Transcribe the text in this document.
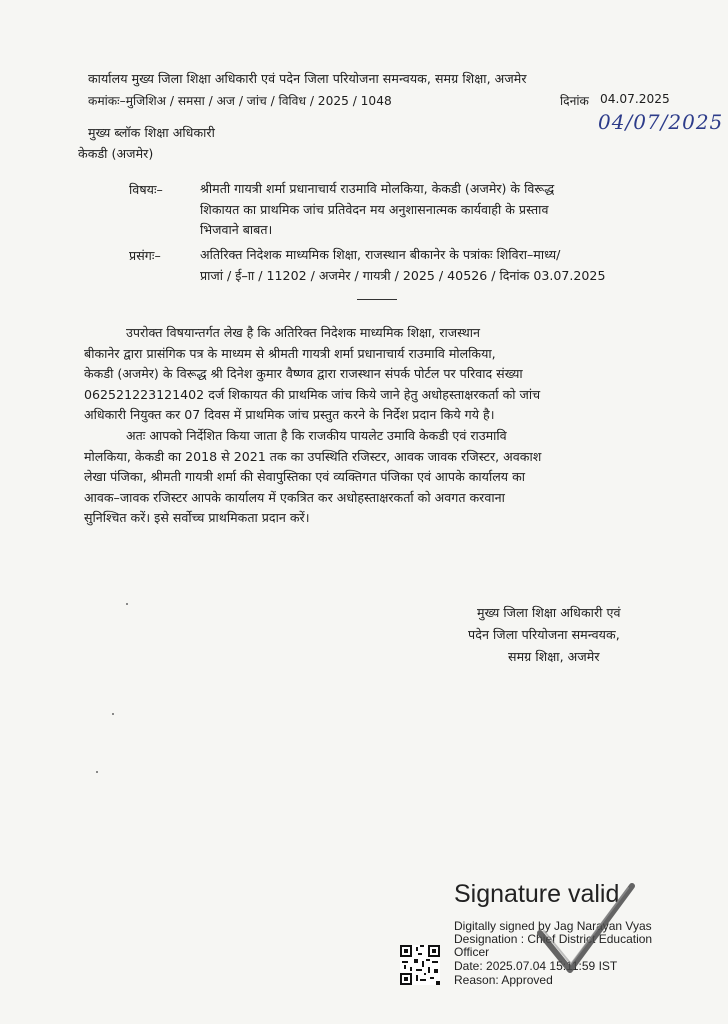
कार्यालय मुख्य जिला शिक्षा अधिकारी एवं पदेन जिला परियोजना समन्वयक, समग्र शिक्षा, अजमेर
कमांकः–मुजिशिअ / समसा / अज / जांच / विविध / 2025 / 1048	दिनांक 04.07.2025
04/07/2025
मुख्य ब्लॉक शिक्षा अधिकारी
केकडी (अजमेर)
विषयः–	श्रीमती गायत्री शर्मा प्रधानाचार्य राउमावि मोलकिया, केकडी (अजमेर) के विरूद्ध
शिकायत का प्राथमिक जांच प्रतिवेदन मय अनुशासनात्मक कार्यवाही के प्रस्ताव
भिजवाने बाबत।
प्रसंगः–	अतिरिक्त निदेशक माध्यमिक शिक्षा, राजस्थान बीकानेर के पत्रांकः शिविरा–माध्य/
प्राजां / ई–ाा / 11202 / अजमेर / गायत्री / 2025 / 40526 / दिनांक 03.07.2025
उपरोक्त विषयान्तर्गत लेख है कि अतिरिक्त निदेशक माध्यमिक शिक्षा, राजस्थान
बीकानेर द्वारा प्रासंगिक पत्र के माध्यम से श्रीमती गायत्री शर्मा प्रधानाचार्य राउमावि मोलकिया,
केकडी (अजमेर) के विरूद्ध श्री दिनेश कुमार वैष्णव द्वारा राजस्थान संपर्क पोर्टल पर परिवाद संख्या
062521223121402 दर्ज शिकायत की प्राथमिक जांच किये जाने हेतु अधोहस्ताक्षरकर्ता को जांच
अधिकारी नियुक्त कर 07 दिवस में प्राथमिक जांच प्रस्तुत करने के निर्देश प्रदान किये गये है।
अतः आपको निर्देशित किया जाता है कि राजकीय पायलेट उमावि केकडी एवं राउमावि
मोलकिया, केकडी का 2018 से 2021 तक का उपस्थिति रजिस्टर, आवक जावक रजिस्टर, अवकाश
लेखा पंजिका, श्रीमती गायत्री शर्मा की सेवापुस्तिका एवं व्यक्तिगत पंजिका एवं आपके कार्यालय का
आवक–जावक रजिस्टर आपके कार्यालय में एकत्रित कर अधोहस्ताक्षरकर्ता को अवगत करवाना
सुनिश्चित करें। इसे सर्वोच्च प्राथमिकता प्रदान करें।
मुख्य जिला शिक्षा अधिकारी एवं
पदेन जिला परियोजना समन्वयक,
समग्र शिक्षा, अजमेर
Signature valid
Digitally signed by Jag Narayan Vyas
Designation : Chief District Education
Officer
Date: 2025.07.04 15:11:59 IST
Reason: Approved
